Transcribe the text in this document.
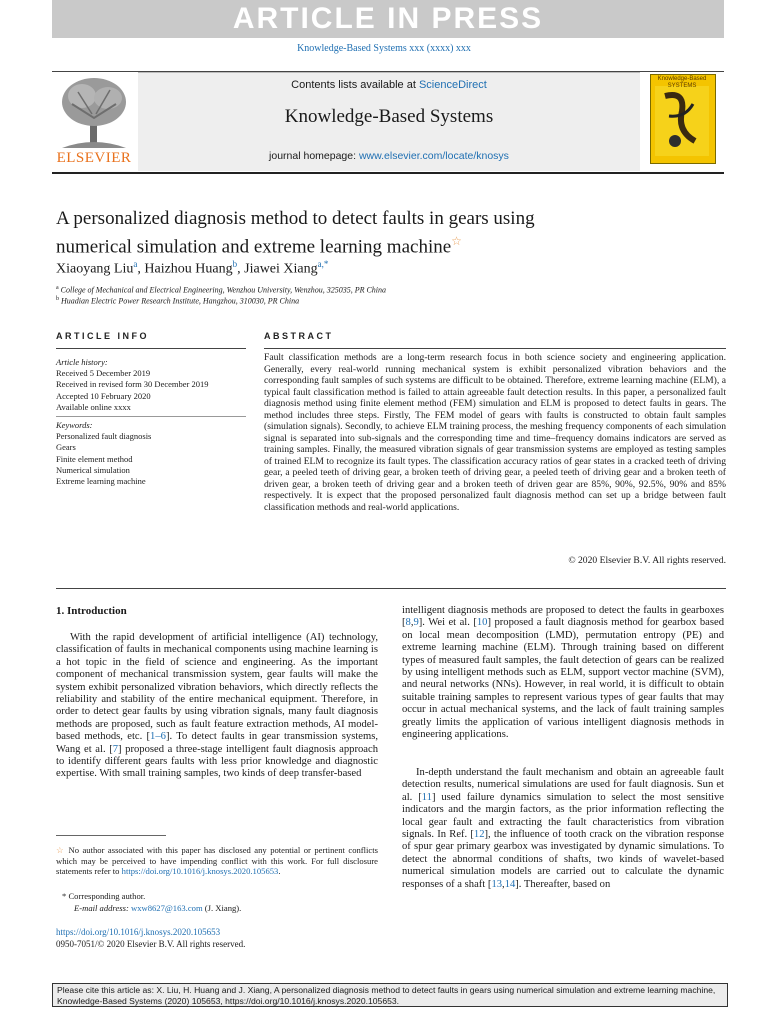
ARTICLE IN PRESS
Knowledge-Based Systems xxx (xxxx) xxx
ELSEVIER
Contents lists available at ScienceDirect
Knowledge-Based Systems
journal homepage: www.elsevier.com/locate/knosys
Knowledge-Based SYSTEMS
A personalized diagnosis method to detect faults in gears using
numerical simulation and extreme learning machine☆
Xiaoyang Liu$^a$, Haizhou Huang$^b$, Jiawei Xiang$^{a,*}$
$^a$ College of Mechanical and Electrical Engineering, Wenzhou University, Wenzhou, 325035, PR China
$^b$ Huadian Electric Power Research Institute, Hangzhou, 310030, PR China
ARTICLE INFO	ABSTRACT
Article history:
Received 5 December 2019
Received in revised form 30 December 2019
Accepted 10 February 2020
Available online xxxx
Keywords:
Personalized fault diagnosis
Gears
Finite element method
Numerical simulation
Extreme learning machine
Fault classification methods are a long-term research focus in both science society and engineering application. Generally, every real-world running mechanical system is exhibit personalized vibration behaviors and the corresponding fault samples of such systems are difficult to be obtained. Therefore, extreme learning machine (ELM), a typical fault classification method is failed to attain agreeable fault detection results. In this paper, a personalized fault diagnosis method using finite element method (FEM) simulation and ELM is proposed to detect faults in gears. The method includes three steps. Firstly, The FEM model of gears with faults is constructed to obtain fault samples (simulation signals). Secondly, to achieve ELM training process, the meshing frequency components of each simulation signal is separated into sub-signals and the corresponding time and time–frequency domains indicators are served as training samples. Finally, the measured vibration signals of gear transmission systems are employed as testing samples of trained ELM to recognize its fault types. The classification accuracy ratios of gear states in a cracked teeth of driving gear, a peeled teeth of driving gear, a broken teeth of driving gear, a peeled teeth of driving gear and a broken teeth of driven gear, a broken teeth of driving gear and a broken teeth of driven gear are 85%, 90%, 92.5%, 90% and 85% respectively. It is expect that the proposed personalized fault diagnosis method can set up a bridge between fault classification methods and real-world applications.
© 2020 Elsevier B.V. All rights reserved.
1. Introduction
With the rapid development of artificial intelligence (AI) technology, classification of faults in mechanical components using machine learning is a hot topic in the field of science and engineering. As the important component of mechanical transmission system, gear faults will make the system exhibit personalized vibration behaviors, which directly reflects the reliability and stability of the entire mechanical equipment. Therefore, in order to detect gear faults by using vibration signals, many fault diagnosis methods are proposed, such as fault feature extraction methods, AI model-based methods, etc. [1–6]. To detect faults in gear transmission systems, Wang et al. [7] proposed a three-stage intelligent fault diagnosis approach to identify different gears faults with less prior knowledge and diagnostic expertise. With small training samples, two kinds of deep transfer-based
intelligent diagnosis methods are proposed to detect the faults in gearboxes [8,9]. Wei et al. [10] proposed a fault diagnosis method for gearbox based on local mean decomposition (LMD), permutation entropy (PE) and extreme learning machine (ELM). Through training based on different types of measured fault samples, the fault detection of gears can be realized by using intelligent methods such as ELM, support vector machine (SVM), and neural networks (NNs). However, in real world, it is difficult to obtain suitable training samples to represent various types of gear faults that may occur in actual mechanical systems, and the lack of fault training samples greatly limits the application of various intelligent diagnosis methods in engineering applications.
In-depth understand the fault mechanism and obtain an agreeable fault detection results, numerical simulations are used for fault diagnosis. Sun et al. [11] used failure dynamics simulation to select the most sensitive indicators and the margin factors, as the prior information reflecting the local gear fault and extracting the fault characteristics from vibration signals. In Ref. [12], the influence of tooth crack on the vibration response of spur gear primary gearbox was investigated by dynamic simulations. To detect the abnormal conditions of shafts, two kinds of wavelet-based numerical simulation models are carried out to calculate the dynamic responses of a shaft [13,14]. Thereafter, based on
☆ No author associated with this paper has disclosed any potential or pertinent conflicts which may be perceived to have impending conflict with this work. For full disclosure statements refer to https://doi.org/10.1016/j.knosys.2020.105653.
* Corresponding author.
E-mail address: wxw8627@163.com (J. Xiang).
https://doi.org/10.1016/j.knosys.2020.105653
0950-7051/© 2020 Elsevier B.V. All rights reserved.
Please cite this article as: X. Liu, H. Huang and J. Xiang, A personalized diagnosis method to detect faults in gears using numerical simulation and extreme learning machine,
Knowledge-Based Systems (2020) 105653, https://doi.org/10.1016/j.knosys.2020.105653.
